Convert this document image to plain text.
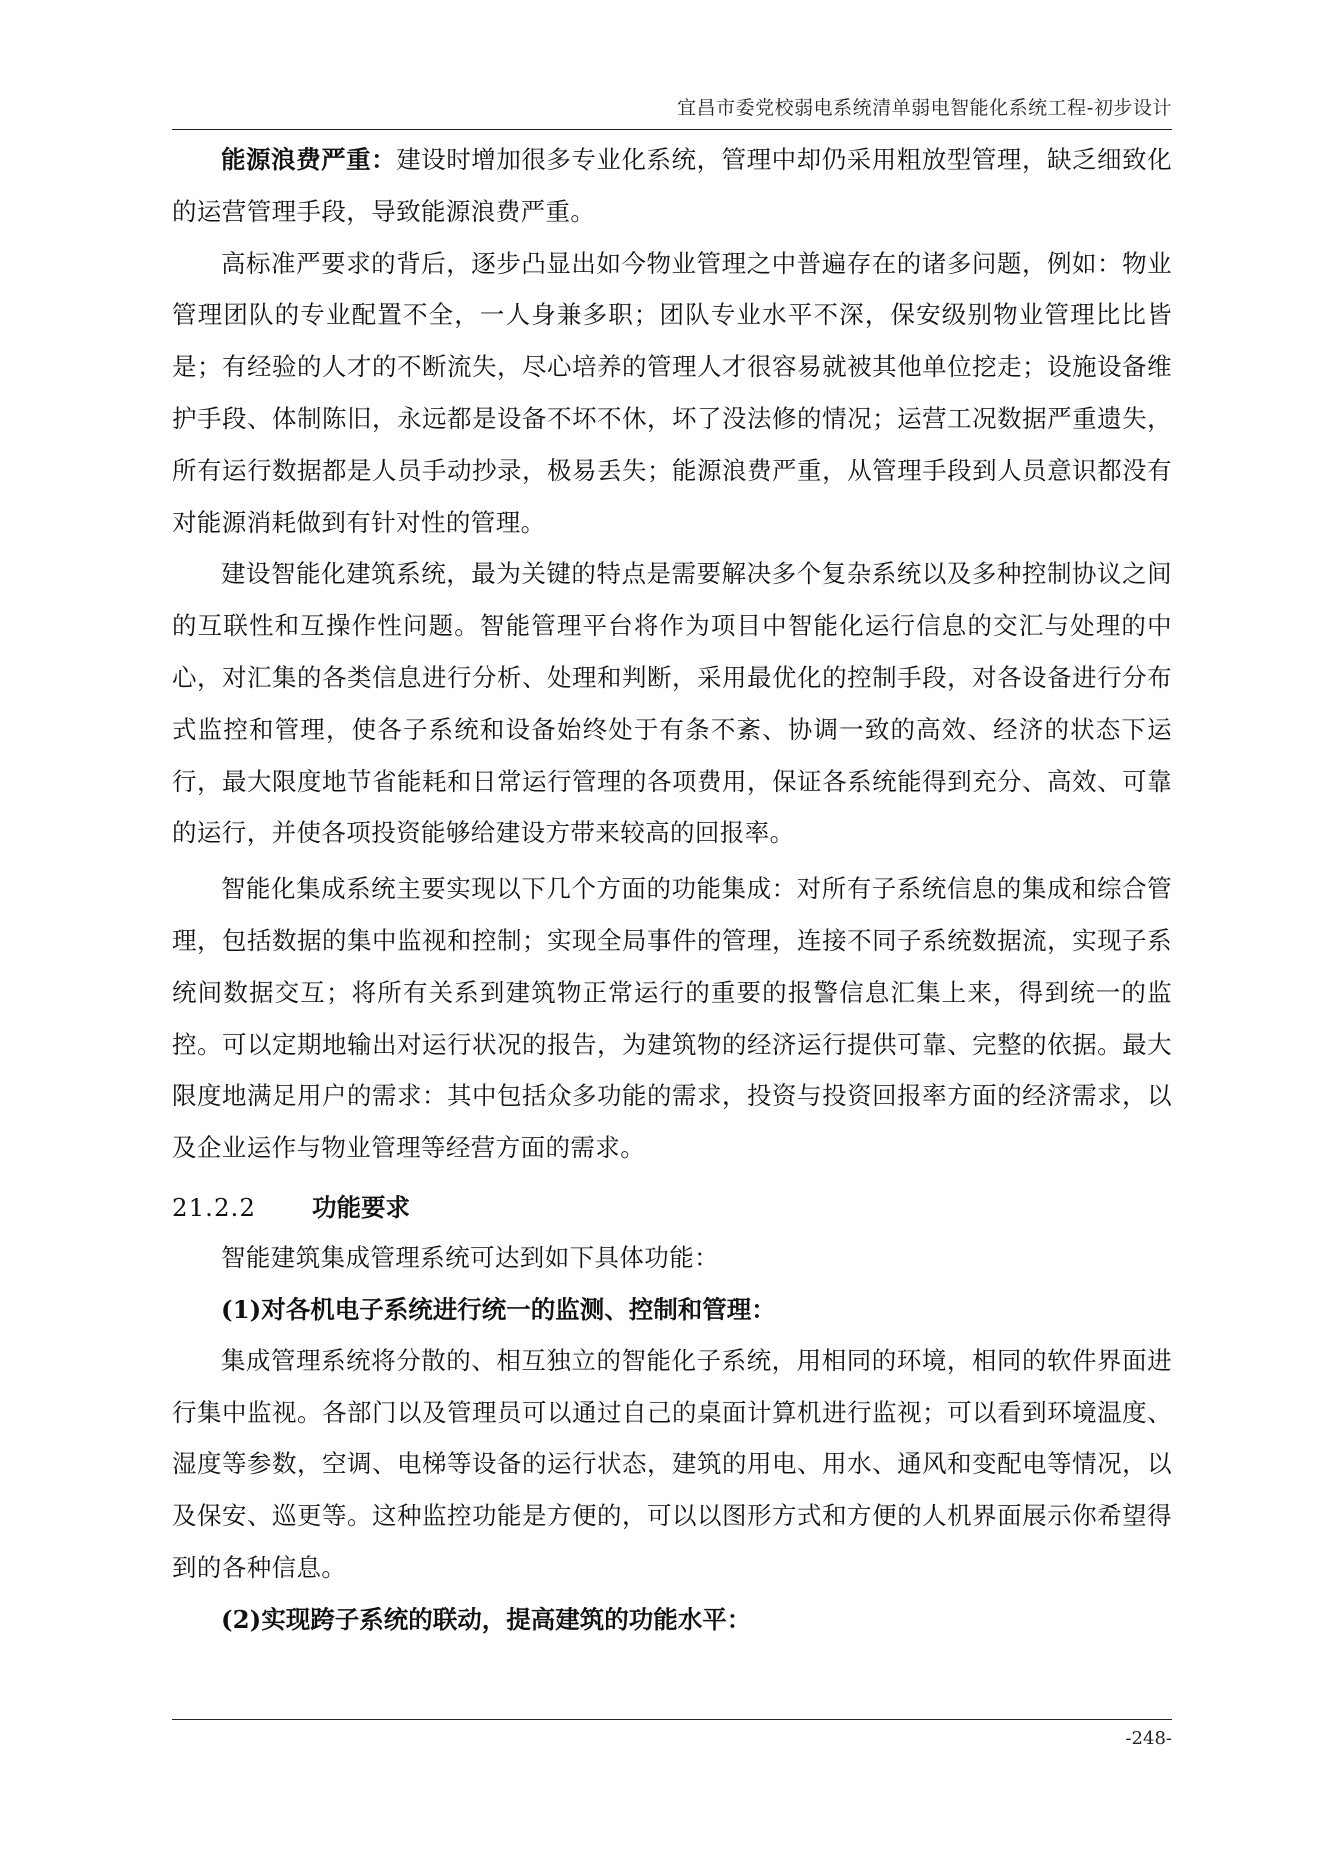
宜昌市委党校弱电系统清单弱电智能化系统工程-初步设计

能源浪费严重：建设时增加很多专业化系统，管理中却仍采用粗放型管理，缺乏细致化的运营管理手段，导致能源浪费严重。

高标准严要求的背后，逐步凸显出如今物业管理之中普遍存在的诸多问题，例如：物业管理团队的专业配置不全，一人身兼多职；团队专业水平不深，保安级别物业管理比比皆是；有经验的人才的不断流失，尽心培养的管理人才很容易就被其他单位挖走；设施设备维护手段、体制陈旧，永远都是设备不坏不休，坏了没法修的情况；运营工况数据严重遗失，所有运行数据都是人员手动抄录，极易丢失；能源浪费严重，从管理手段到人员意识都没有对能源消耗做到有针对性的管理。

建设智能化建筑系统，最为关键的特点是需要解决多个复杂系统以及多种控制协议之间的互联性和互操作性问题。智能管理平台将作为项目中智能化运行信息的交汇与处理的中心，对汇集的各类信息进行分析、处理和判断，采用最优化的控制手段，对各设备进行分布式监控和管理，使各子系统和设备始终处于有条不紊、协调一致的高效、经济的状态下运行，最大限度地节省能耗和日常运行管理的各项费用，保证各系统能得到充分、高效、可靠的运行，并使各项投资能够给建设方带来较高的回报率。

智能化集成系统主要实现以下几个方面的功能集成：对所有子系统信息的集成和综合管理，包括数据的集中监视和控制；实现全局事件的管理，连接不同子系统数据流，实现子系统间数据交互；将所有关系到建筑物正常运行的重要的报警信息汇集上来，得到统一的监控。可以定期地输出对运行状况的报告，为建筑物的经济运行提供可靠、完整的依据。最大限度地满足用户的需求：其中包括众多功能的需求，投资与投资回报率方面的经济需求，以及企业运作与物业管理等经营方面的需求。

21.2.2	功能要求

智能建筑集成管理系统可达到如下具体功能：

(1)对各机电子系统进行统一的监测、控制和管理：

集成管理系统将分散的、相互独立的智能化子系统，用相同的环境，相同的软件界面进行集中监视。各部门以及管理员可以通过自己的桌面计算机进行监视；可以看到环境温度、湿度等参数，空调、电梯等设备的运行状态，建筑的用电、用水、通风和变配电等情况，以及保安、巡更等。这种监控功能是方便的，可以以图形方式和方便的人机界面展示你希望得到的各种信息。

(2)实现跨子系统的联动，提高建筑的功能水平：

-248-
